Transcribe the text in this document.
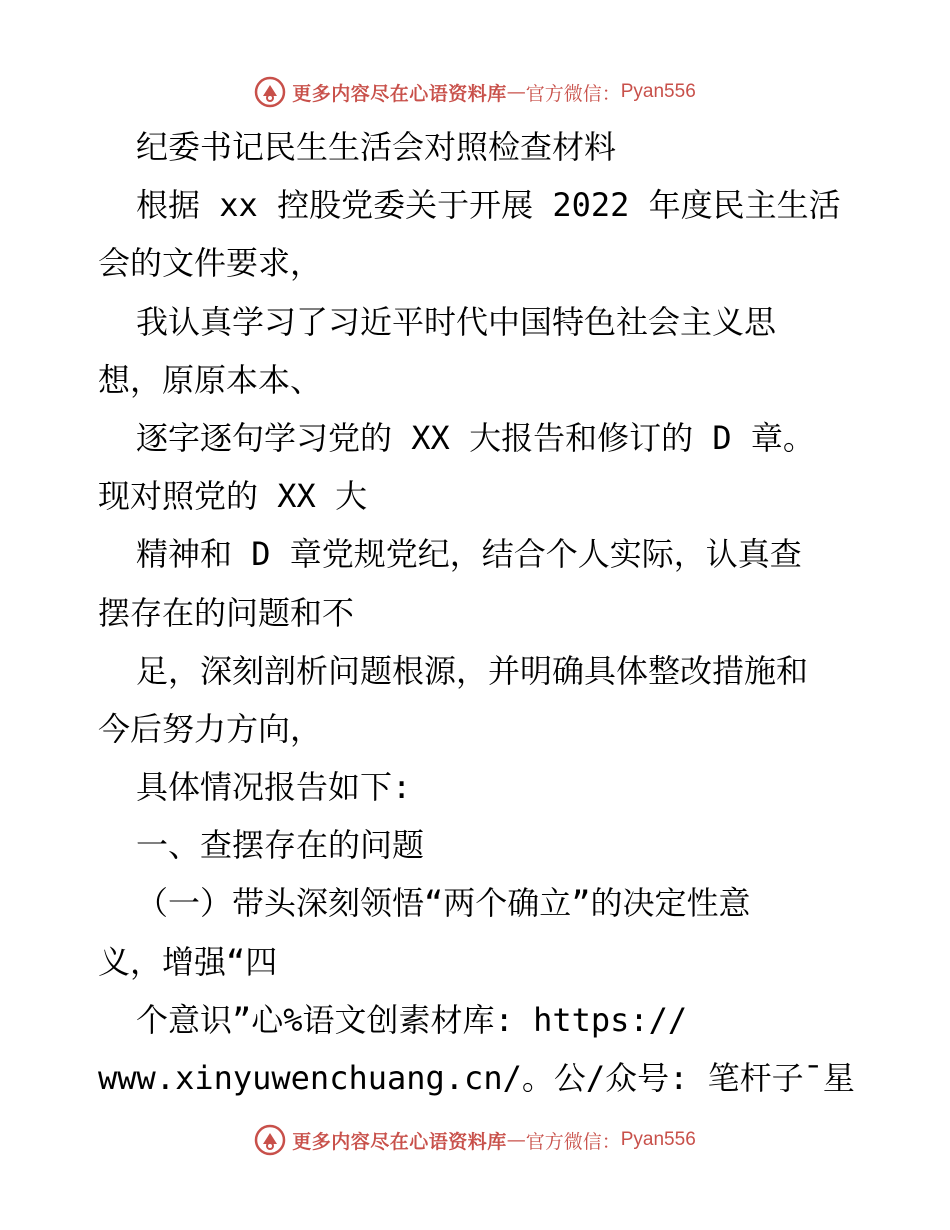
更多内容尽在心语资料库 — 官方微信： Pyan556
纪委书记民生生活会对照检查材料
根据 xx 控股党委关于开展 2022 年度民主生活
会的文件要求，
我认真学习了习近平时代中国特色社会主义思
想，原原本本、
逐字逐句学习党的 XX 大报告和修订的 D 章。
现对照党的 XX 大
精神和 D 章党规党纪，结合个人实际，认真查
摆存在的问题和不
足，深刻剖析问题根源，并明确具体整改措施和
今后努力方向，
具体情况报告如下:
一、查摆存在的问题
（一）带头深刻领悟“两个确立”的决定性意
义，增强“四
个意识”心%语文创素材库: https://
www.xinyuwenchuang.cn/。公/众号: 笔杆子¯星
更多内容尽在心语资料库 — 官方微信： Pyan556
